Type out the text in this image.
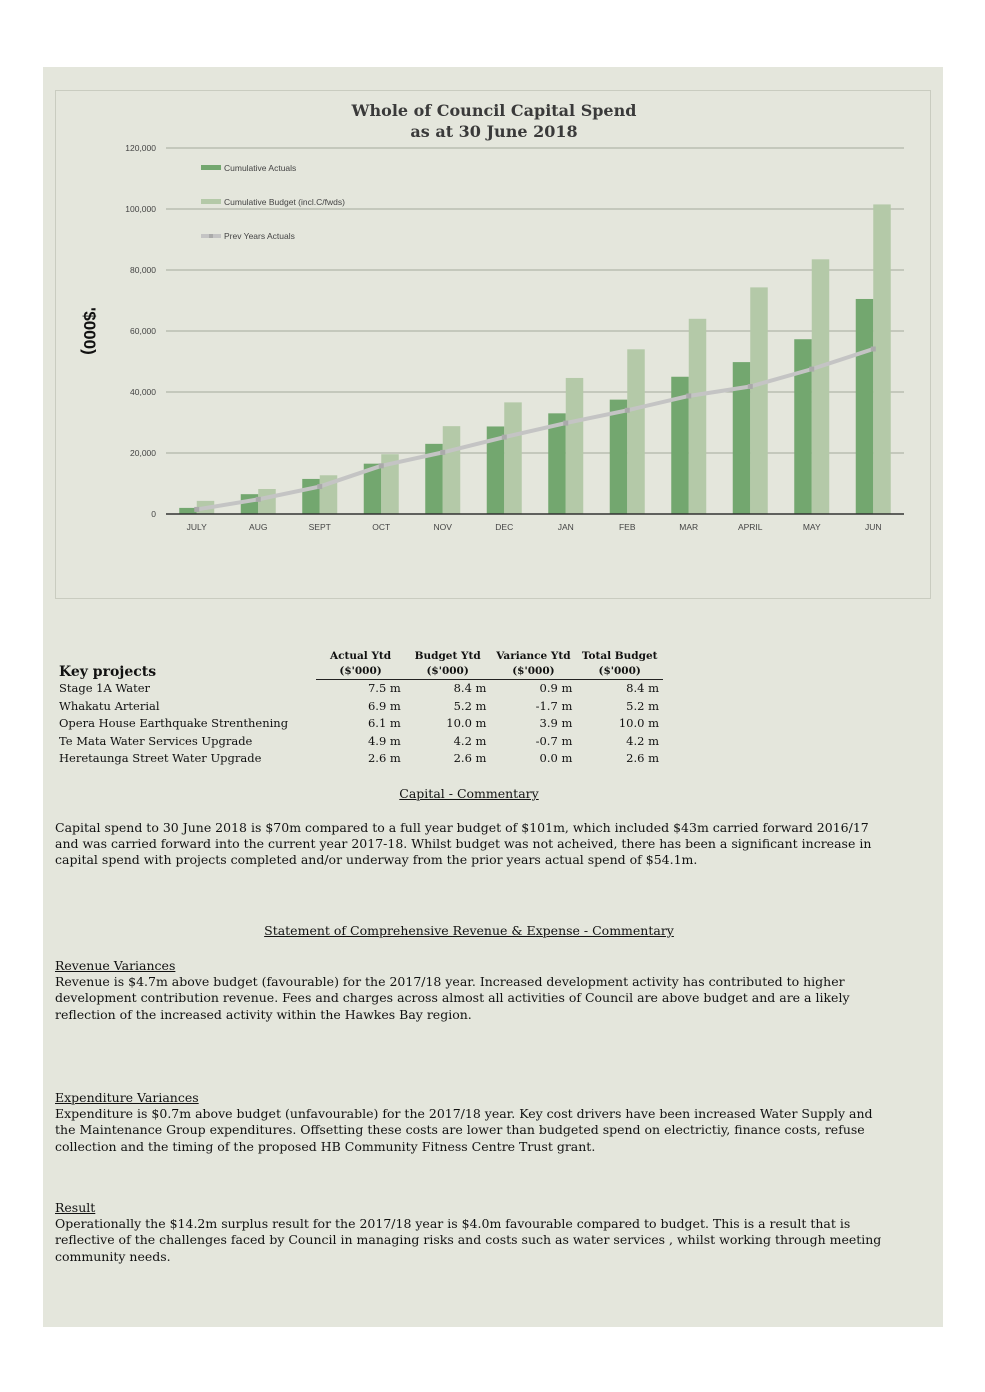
Whole of Council Capital Spend
as at 30 June 2018
0
20,000
40,000
60,000
80,000
100,000
120,000
'$000)
JULY	AUG	SEPT	OCT	NOV	DEC	JAN	FEB	MAR	APRIL	MAY	JUN
Cumulative Actuals
Cumulative Budget (incl.C/fwds)
Prev Years Actuals
Key projects	Actual Ytd	Budget Ytd	Variance Ytd	Total Budget
	($'000)	($'000)	($'000)	($'000)
Stage 1A Water	7.5 m	8.4 m	0.9 m	8.4 m
Whakatu Arterial	6.9 m	5.2 m	-1.7 m	5.2 m
Opera House Earthquake Strenthening	6.1 m	10.0 m	3.9 m	10.0 m
Te Mata Water Services Upgrade	4.9 m	4.2 m	-0.7 m	4.2 m
Heretaunga Street Water Upgrade	2.6 m	2.6 m	0.0 m	2.6 m
Capital - Commentary
Capital spend to 30 June 2018 is $70m compared to a full year budget of $101m, which included $43m carried forward 2016/17 and was carried forward into the current year 2017-18. Whilst budget was not acheived, there has been a significant increase in capital spend with projects completed and/or underway from the prior years actual spend of $54.1m.
Statement of Comprehensive Revenue & Expense - Commentary
Revenue Variances
Revenue is $4.7m above budget (favourable) for the 2017/18 year. Increased development activity has contributed to higher development contribution revenue. Fees and charges across almost all activities of Council are above budget and are a likely reflection of the increased activity within the Hawkes Bay region.
Expenditure Variances
Expenditure is $0.7m above budget (unfavourable) for the 2017/18 year. Key cost drivers have been increased Water Supply and the Maintenance Group expenditures. Offsetting these costs are lower than budgeted spend on electrictiy, finance costs, refuse collection and the timing of the proposed HB Community Fitness Centre Trust grant.
Result
Operationally the $14.2m surplus result for the 2017/18 year is $4.0m favourable compared to budget. This is a result that is reflective of the challenges faced by Council in managing risks and costs such as water services , whilst working through meeting community needs.
